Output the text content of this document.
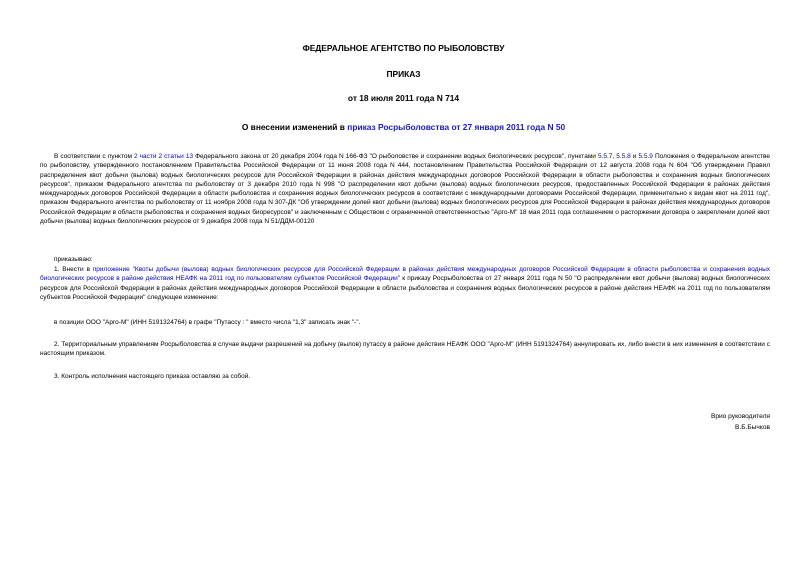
ФЕДЕРАЛЬНОЕ АГЕНТСТВО ПО РЫБОЛОВСТВУ
ПРИКАЗ
от 18 июля 2011 года N 714
О внесении изменений в приказ Росрыболовства от 27 января 2011 года N 50
В соответствии с пунктом 2 части 2 статьи 13 Федерального закона от 20 декабря 2004 года N 166-ФЗ "О рыболовстве и сохранении водных биологических ресурсов", пунктами 5.5.7, 5.5.8 и 5.5.9 Положения о Федеральном агентстве по рыболовству, утвержденного постановлением Правительства Российской Федерации от 11 июня 2008 года N 444, постановлением Правительства Российской Федерации от 12 августа 2008 года N 604 "Об утверждении Правил распределения квот добычи (вылова) водных биологических ресурсов для Российской Федерации в районах действия международных договоров Российской Федерации в области рыболовства и сохранения водных биологических ресурсов", приказом Федерального агентства по рыболовству от 3 декабря 2010 года N 998 "О распределении квот добычи (вылова) водных биологических ресурсов, предоставленных Российской Федерации в районах действия международных договоров Российской Федерации в области рыболовства и сохранения водных биологических ресурсов в соответствии с международными договорами Российской Федерации, применительно к видам квот на 2011 год", приказом Федерального агентства по рыболовству от 11 ноября 2008 года N 307-ДК "Об утверждении долей квот добычи (вылова) водных биологических ресурсов для Российской Федерации в районах действия международных договоров Российской Федерации в области рыболовства и сохранения водных биоресурсов" и заключенным с Обществом с ограниченной ответственностью "Арго-М" 18 мая 2011 года соглашением о расторжении договора о закреплении долей квот добычи (вылова) водных биологических ресурсов от 9 декабря 2008 года N 51/ДДМ-00120
приказываю:
1. Внести в приложение "Квоты добычи (вылова) водных биологических ресурсов для Российской Федерации в районах действия международных договоров Российской Федерации в области рыболовства и сохранения водных биологических ресурсов в районе действия НЕАФК на 2011 год по пользователям субъектов Российской Федерации" к приказу Росрыболовства от 27 января 2011 года N 50 "О распределении квот добычи (вылова) водных биологических ресурсов для Российской Федерации в районах действия международных договоров Российской Федерации в области рыболовства и сохранения водных биологических ресурсов в районе действия НЕАФК на 2011 год по пользователям субъектов Российской Федерации" следующее изменение:
в позиции ООО "Арго-М" (ИНН 5191324764) в графе "Путассу : " вместо числа "1,3" записать знак "-".
2. Территориальным управлениям Росрыболовства в случае выдачи разрешений на добычу (вылов) путассу в районе действия НЕАФК ООО "Арго-М" (ИНН 5191324764) аннулировать их, либо внести в них изменения в соответствии с настоящим приказом.
3. Контроль исполнения настоящего приказа оставляю за собой.
Врио руководителя
В.Б.Бычков
